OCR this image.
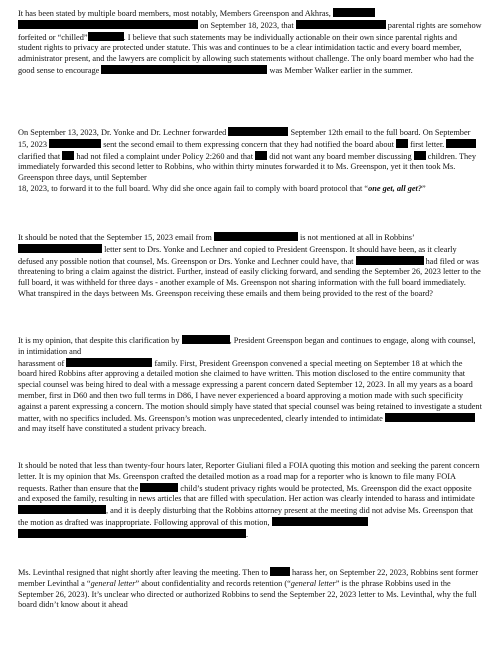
It has been stated by multiple board members, most notably, Members Greenspon and Akhras,   on September 18, 2023, that	parental rights are somehow forfeited or “chilled”	. I believe that such statements may be individually actionable on their own since parental rights and student rights to privacy are protected under statute. This was and continues to be a clear intimidation tactic and every board member, administrator present, and the lawyers are complicit by allowing such statements without challenge. The only board member who had the good sense to encourage	was Member Walker earlier in the summer.

On September 13, 2023, Dr. Yonke and Dr. Lechner forwarded	September 12th email to the full board. On September 15, 2023	sent the second email to them expressing concern that they had notified the board about first letter.  clarified that had not filed a complaint under Policy 2:260 and that did not want any board member discussing children. They immediately forwarded this second letter to Robbins, who within thirty minutes forwarded it to Ms. Greenspon, yet it then took Ms. Greenspon three days, until September
18, 2023, to forward it to the full board. Why did she once again fail to comply with board protocol that “one get, all get?”

It should be noted that the September 15, 2023 email from	is not mentioned at all in Robbins’  letter sent to Drs. Yonke and Lechner and copied to President Greenspon. It should have been, as it clearly defused any possible notion that counsel, Ms. Greenspon or Drs. Yonke and Lechner could have, that	had filed or was threatening to bring a claim against the district. Further, instead of easily clicking forward, and sending the September 26, 2023 letter to the full board, it was withheld for three days - another example of Ms. Greenspon not sharing information with the full board immediately. What transpired in the days between Ms. Greenspon receiving these emails and them being provided to the rest of the board?

It is my opinion, that despite this clarification by	, President Greenspon began and continues to engage, along with counsel, in intimidation and
harassment of	family. First, President Greenspon convened a special meeting on September 18 at which the board hired Robbins after approving a detailed motion she claimed to have written. This motion disclosed to the entire community that special counsel was being hired to deal with a message expressing a parent concern dated September 12, 2023. In all my years as a board member, first in D60 and then two full terms in D86, I have never experienced a board approving a motion made with such specificity against a parent expressing a concern. The motion should simply have stated that special counsel was being retained to investigate a student matter, with no specifics included. Ms. Greenspon’s motion was unprecedented, clearly intended to intimidate  and may itself have constituted a student privacy breach.

It should be noted that less than twenty-four hours later, Reporter Giuliani filed a FOIA quoting this motion and seeking the parent concern letter. It is my opinion that Ms. Greenspon crafted the detailed motion as a road map for a reporter who is known to file many FOIA requests. Rather than ensure that the	child’s student privacy rights would be protected, Ms. Greenspon did the exact opposite and exposed the family, resulting in news articles that are filled with speculation. Her action was clearly intended to harass and intimidate , and it is deeply disturbing that the Robbins attorney present at the meeting did not advise Ms. Greenspon that the motion as drafted was inappropriate. Following approval of this motion,  .

Ms. Levinthal resigned that night shortly after leaving the meeting. Then to	harass her, on September 22, 2023, Robbins sent former member Levinthal a “general letter” about confidentiality and records retention (“general letter” is the phrase Robbins used in the September 26, 2023). It’s unclear who directed or authorized Robbins to send the September 22, 2023 letter to Ms. Levinthal, why the full board didn’t know about it ahead
